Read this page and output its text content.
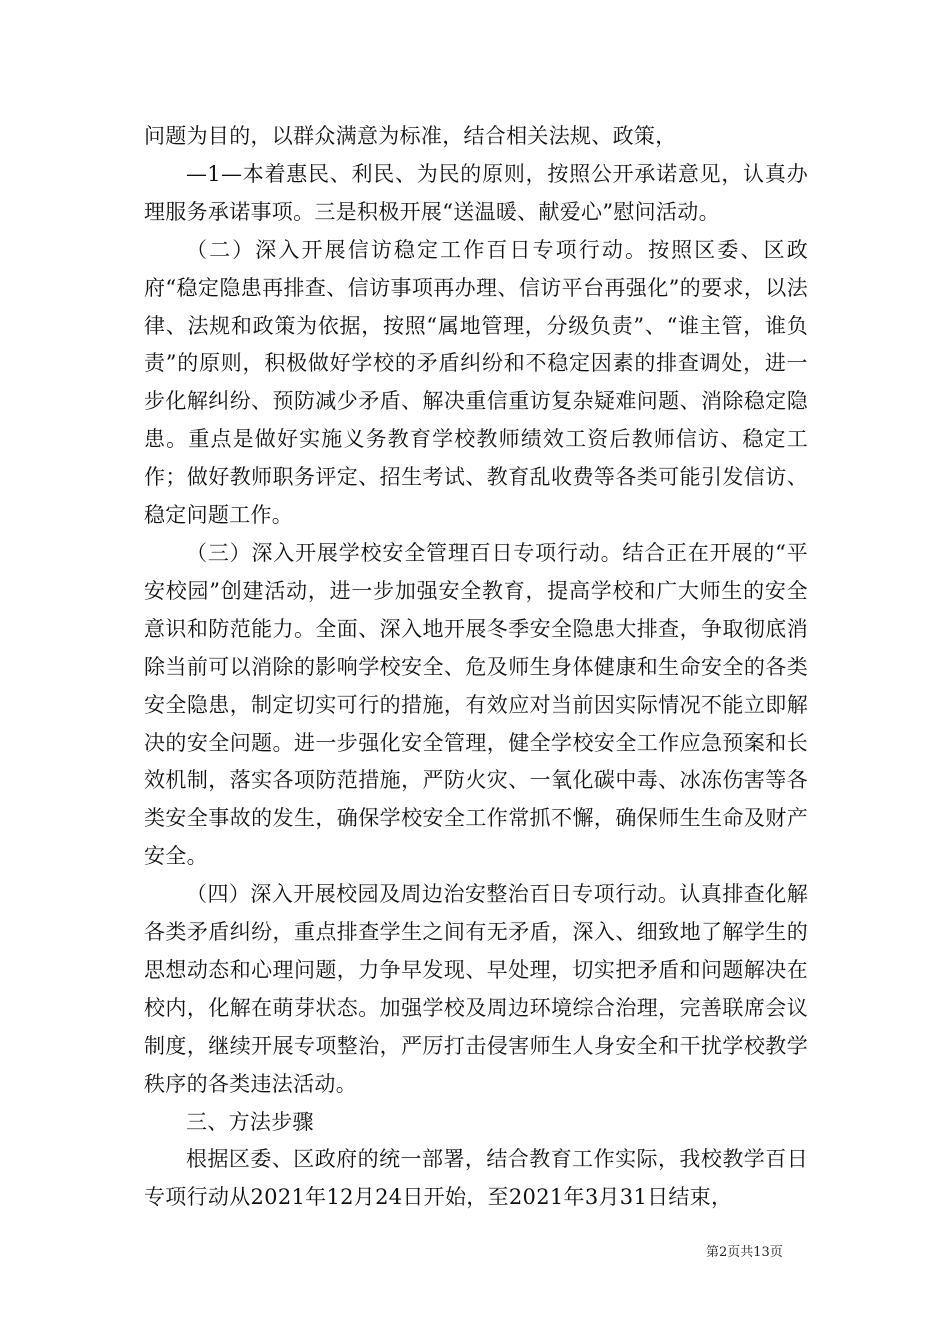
问题为目的，以群众满意为标准，结合相关法规、政策，

—1—本着惠民、利民、为民的原则，按照公开承诺意见，认真办理服务承诺事项。三是积极开展“送温暖、献爱心”慰问活动。

（二）深入开展信访稳定工作百日专项行动。按照区委、区政府“稳定隐患再排查、信访事项再办理、信访平台再强化”的要求，以法律、法规和政策为依据，按照“属地管理，分级负责”、“谁主管，谁负责”的原则，积极做好学校的矛盾纠纷和不稳定因素的排查调处，进一步化解纠纷、预防减少矛盾、解决重信重访复杂疑难问题、消除稳定隐患。重点是做好实施义务教育学校教师绩效工资后教师信访、稳定工作；做好教师职务评定、招生考试、教育乱收费等各类可能引发信访、稳定问题工作。

（三）深入开展学校安全管理百日专项行动。结合正在开展的“平安校园”创建活动，进一步加强安全教育，提高学校和广大师生的安全意识和防范能力。全面、深入地开展冬季安全隐患大排查，争取彻底消除当前可以消除的影响学校安全、危及师生身体健康和生命安全的各类安全隐患，制定切实可行的措施，有效应对当前因实际情况不能立即解决的安全问题。进一步强化安全管理，健全学校安全工作应急预案和长效机制，落实各项防范措施，严防火灾、一氧化碳中毒、冰冻伤害等各类安全事故的发生，确保学校安全工作常抓不懈，确保师生生命及财产安全。

（四）深入开展校园及周边治安整治百日专项行动。认真排查化解各类矛盾纠纷，重点排查学生之间有无矛盾，深入、细致地了解学生的思想动态和心理问题，力争早发现、早处理，切实把矛盾和问题解决在校内，化解在萌芽状态。加强学校及周边环境综合治理，完善联席会议制度，继续开展专项整治，严厉打击侵害师生人身安全和干扰学校教学秩序的各类违法活动。

三、方法步骤

根据区委、区政府的统一部署，结合教育工作实际，我校教学百日专项行动从2021年12月24日开始，至2021年3月31日结束，

第2页共13页
